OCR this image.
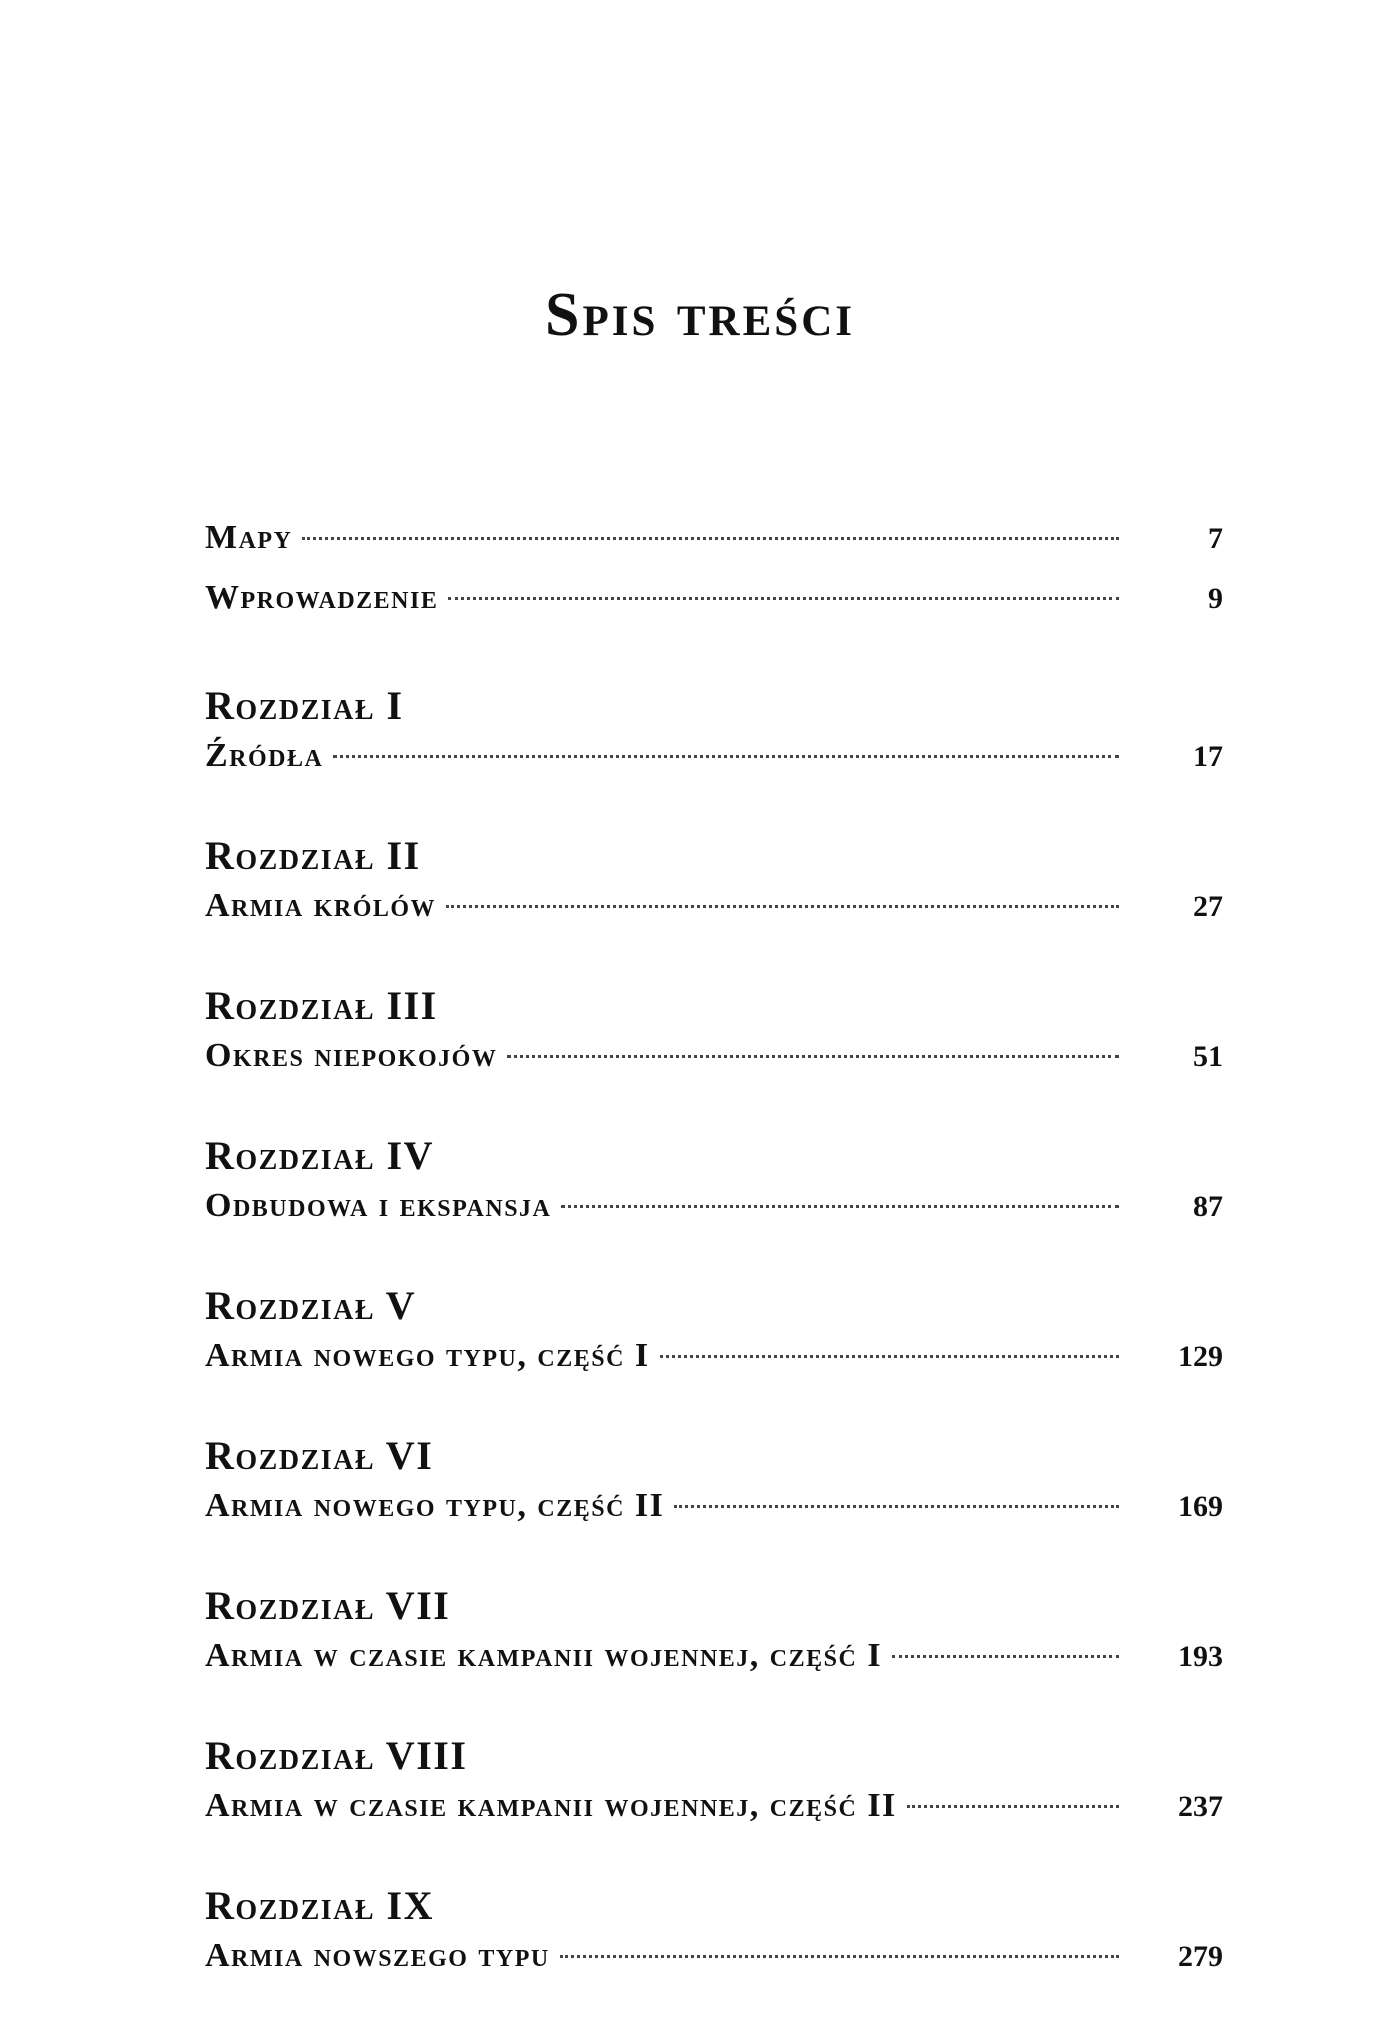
Spis treści
Mapy	7
Wprowadzenie	9
Rozdział I
Źródła	17
Rozdział II
Armia królów	27
Rozdział III
Okres niepokojów	51
Rozdział IV
Odbudowa i ekspansja	87
Rozdział V
Armia nowego typu, część I	129
Rozdział VI
Armia nowego typu, część II	169
Rozdział VII
Armia w czasie kampanii wojennej, część I	193
Rozdział VIII
Armia w czasie kampanii wojennej, część II	237
Rozdział IX
Armia nowszego typu	279
